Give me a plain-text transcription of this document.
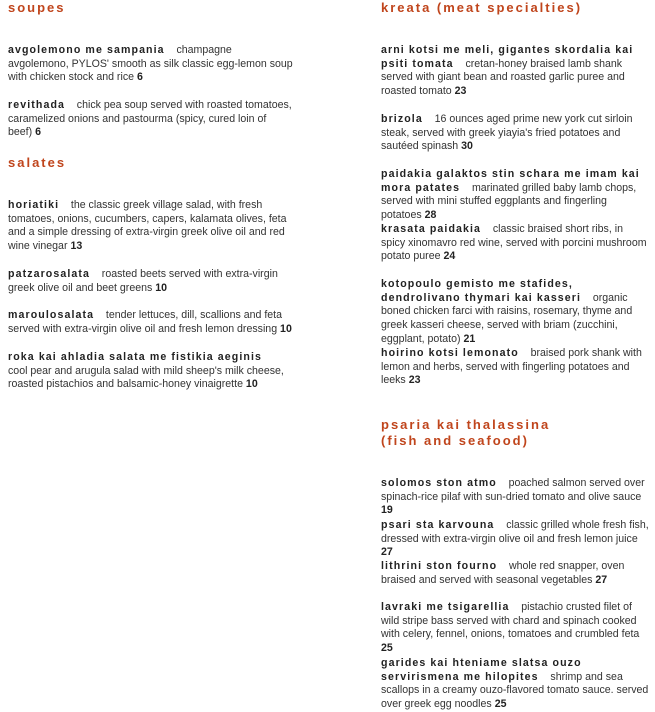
soupes

avgolemono me sampania champagne avgolemono, PYLOS' smooth as silk classic egg-lemon soup with chicken stock and rice 6

revithada chick pea soup served with roasted tomatoes, caramelized onions and pastourma (spicy, cured loin of beef) 6

salates

horiatiki the classic greek village salad, with fresh tomatoes, onions, cucumbers, capers, kalamata olives, feta and a simple dressing of extra-virgin greek olive oil and red wine vinegar 13

patzarosalata roasted beets served with extra-virgin greek olive oil and beet greens 10

maroulosalata tender lettuces, dill, scallions and feta served with extra-virgin olive oil and fresh lemon dressing 10

roka kai ahladia salata me fistikia aeginis    cool pear and arugula salad with mild sheep's milk cheese, roasted pistachios and balsamic-honey vinaigrette 10

kreata (meat specialties)

arni kotsi me meli, gigantes skordalia kai psiti tomata cretan-honey braised lamb shank served with giant bean and roasted garlic puree and roasted tomato 23

brizola 16 ounces aged prime new york cut sirloin steak, served with greek yiayia's fried potatoes and sautéed spinash 30

paidakia galaktos stin schara me imam kai mora patates marinated grilled baby lamb chops, served with mini stuffed eggplants and fingerling potatoes 28

krasata paidakia classic braised short ribs, in spicy xinomavro red wine, served with porcini mushroom potato puree 24

kotopoulo gemisto me stafides, dendrolivano thymari kai kasseri organic boned chicken farci with raisins, rosemary, thyme and greek kasseri cheese, served with briam (zucchini, eggplant, potato) 21

hoirino kotsi lemonato braised pork shank with lemon and herbs, served with fingerling potatoes and leeks 23

psaria kai thalassina
(fish and seafood)

solomos ston atmo poached salmon served over spinach-rice pilaf with sun-dried tomato and olive sauce 19

psari sta karvouna classic grilled whole fresh fish, dressed with extra-virgin olive oil and fresh lemon juice 27

lithrini ston fourno whole red snapper, oven braised and served with seasonal vegetables 27

lavraki me tsigarellia pistachio crusted filet of wild stripe bass served with chard and spinach cooked with celery, fennel, onions, tomatoes and crumbled feta 25

garides kai hteniame slatsa ouzo servirismena me hilopites shrimp and sea scallops in a creamy ouzo-flavored tomato sauce. served over greek egg noodles 25
